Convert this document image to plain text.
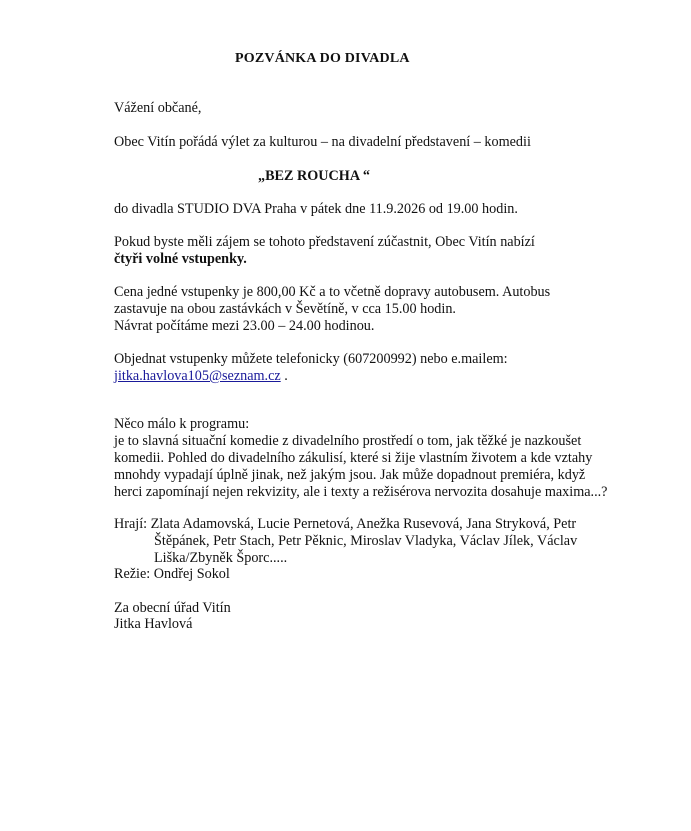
POZVÁNKA DO DIVADLA
Vážení občané,
Obec Vitín pořádá výlet za kulturou – na divadelní představení – komedii
„BEZ ROUCHA “
do divadla STUDIO DVA Praha v pátek dne 11.9.2026 od 19.00 hodin.
Pokud byste měli zájem se tohoto představení zúčastnit, Obec Vitín nabízí
čtyři volné vstupenky.
Cena jedné vstupenky je 800,00 Kč a to včetně dopravy autobusem. Autobus
zastavuje na obou zastávkách v Ševětíně, v cca 15.00 hodin.
Návrat počítáme mezi 23.00 – 24.00 hodinou.
Objednat vstupenky můžete telefonicky (607200992) nebo e.mailem:
jitka.havlova105@seznam.cz .
Něco málo k programu:
je to slavná situační komedie z divadelního prostředí o tom, jak těžké je nazkoušet
komedii. Pohled do divadelního zákulisí, které si žije vlastním životem a kde vztahy
mnohdy vypadají úplně jinak, než jakým jsou. Jak může dopadnout premiéra, když
herci zapomínají nejen rekvizity, ale i texty a režisérova nervozita dosahuje maxima...?
Hrají: Zlata Adamovská, Lucie Pernetová, Anežka Rusevová, Jana Stryková, Petr
Štěpánek, Petr Stach, Petr Pěknic, Miroslav Vladyka, Václav Jílek, Václav
Liška/Zbyněk Šporc.....
Režie: Ondřej Sokol
Za obecní úřad Vitín
Jitka Havlová
